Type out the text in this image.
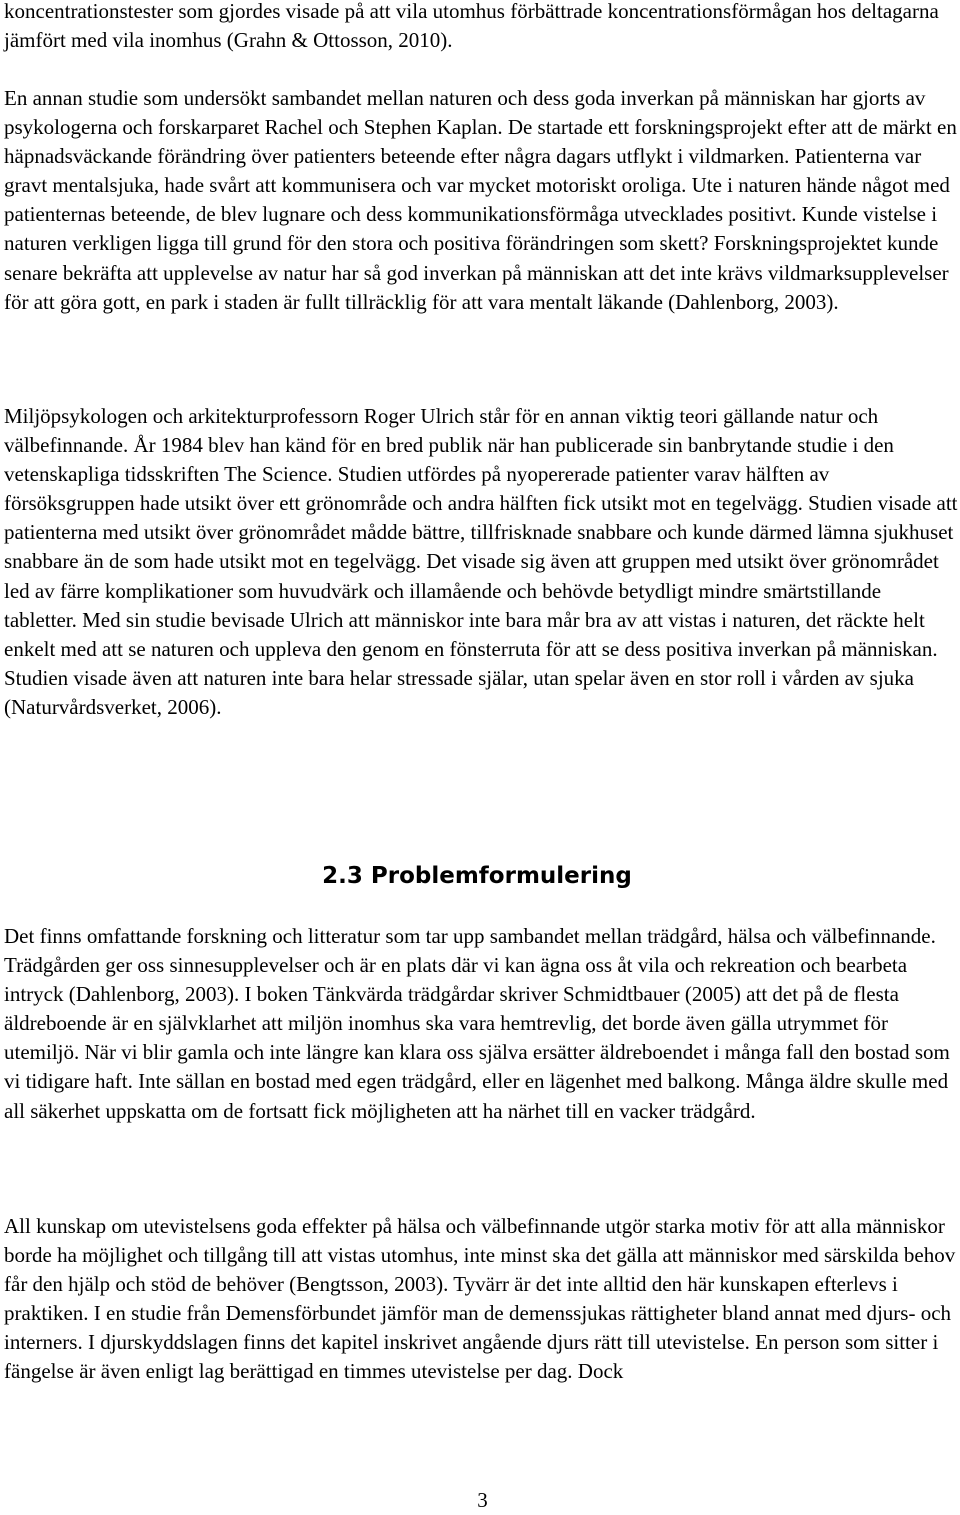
koncentrationstester som gjordes visade på att vila utomhus förbättrade koncentrationsförmågan hos deltagarna jämfört med vila inomhus (Grahn & Ottosson, 2010).

En annan studie som undersökt sambandet mellan naturen och dess goda inverkan på människan har gjorts av psykologerna och forskarparet Rachel och Stephen Kaplan. De startade ett forskningsprojekt efter att de märkt en häpnadsväckande förändring över patienters beteende efter några dagars utflykt i vildmarken. Patienterna var gravt mentalsjuka, hade svårt att kommunisera och var mycket motoriskt oroliga. Ute i naturen hände något med patienternas beteende, de blev lugnare och dess kommunikationsförmåga utvecklades positivt. Kunde vistelse i naturen verkligen ligga till grund för den stora och positiva förändringen som skett? Forskningsprojektet kunde senare bekräfta att upplevelse av natur har så god inverkan på människan att det inte krävs vildmarksupplevelser för att göra gott, en park i staden är fullt tillräcklig för att vara mentalt läkande (Dahlenborg, 2003).

Miljöpsykologen och arkitekturprofessorn Roger Ulrich står för en annan viktig teori gällande natur och välbefinnande. År 1984 blev han känd för en bred publik när han publicerade sin banbrytande studie i den vetenskapliga tidsskriften The Science. Studien utfördes på nyopererade patienter varav hälften av försöksgruppen hade utsikt över ett grönområde och andra hälften fick utsikt mot en tegelvägg. Studien visade att patienterna med utsikt över grönområdet mådde bättre, tillfrisknade snabbare och kunde därmed lämna sjukhuset snabbare än de som hade utsikt mot en tegelvägg. Det visade sig även att gruppen med utsikt över grönområdet led av färre komplikationer som huvudvärk och illamående och behövde betydligt mindre smärtstillande tabletter. Med sin studie bevisade Ulrich att människor inte bara mår bra av att vistas i naturen, det räckte helt enkelt med att se naturen och uppleva den genom en fönsterruta för att se dess positiva inverkan på människan. Studien visade även att naturen inte bara helar stressade själar, utan spelar även en stor roll i vården av sjuka (Naturvårdsverket, 2006).

2.3 Problemformulering

Det finns omfattande forskning och litteratur som tar upp sambandet mellan trädgård, hälsa och välbefinnande. Trädgården ger oss sinnesupplevelser och är en plats där vi kan ägna oss åt vila och rekreation och bearbeta intryck (Dahlenborg, 2003). I boken Tänkvärda trädgårdar skriver Schmidtbauer (2005) att det på de flesta äldreboende är en självklarhet att miljön inomhus ska vara hemtrevlig, det borde även gälla utrymmet för utemiljö. När vi blir gamla och inte längre kan klara oss själva ersätter äldreboendet i många fall den bostad som vi tidigare haft. Inte sällan en bostad med egen trädgård, eller en lägenhet med balkong. Många äldre skulle med all säkerhet uppskatta om de fortsatt fick möjligheten att ha närhet till en vacker trädgård.

All kunskap om utevistelsens goda effekter på hälsa och välbefinnande utgör starka motiv för att alla människor borde ha möjlighet och tillgång till att vistas utomhus, inte minst ska det gälla att människor med särskilda behov får den hjälp och stöd de behöver (Bengtsson, 2003). Tyvärr är det inte alltid den här kunskapen efterlevs i praktiken. I en studie från Demensförbundet jämför man de demenssjukas rättigheter bland annat med djurs- och interners. I djurskyddslagen finns det kapitel inskrivet angående djurs rätt till utevistelse. En person som sitter i fängelse är även enligt lag berättigad en timmes utevistelse per dag. Dock

3
